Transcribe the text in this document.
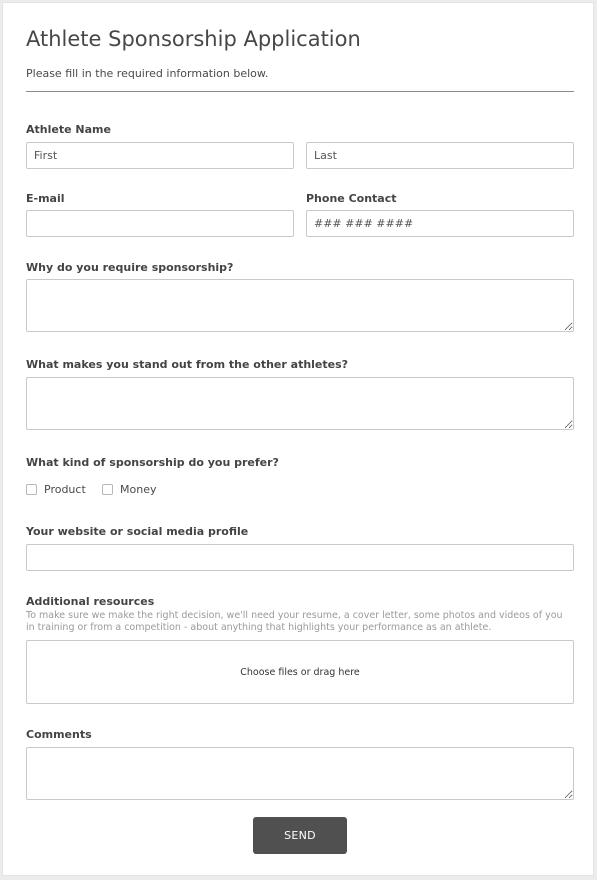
Athlete Sponsorship Application
Please fill in the required information below.
Athlete Name
First
Last
E-mail	Phone Contact
### ### ####
Why do you require sponsorship?
What makes you stand out from the other athletes?
What kind of sponsorship do you prefer?
Product	Money
Your website or social media profile
Additional resources
To make sure we make the right decision, we'll need your resume, a cover letter, some photos and videos of you in training or from a competition - about anything that highlights your performance as an athlete.
Choose files or drag here
Comments
SEND
